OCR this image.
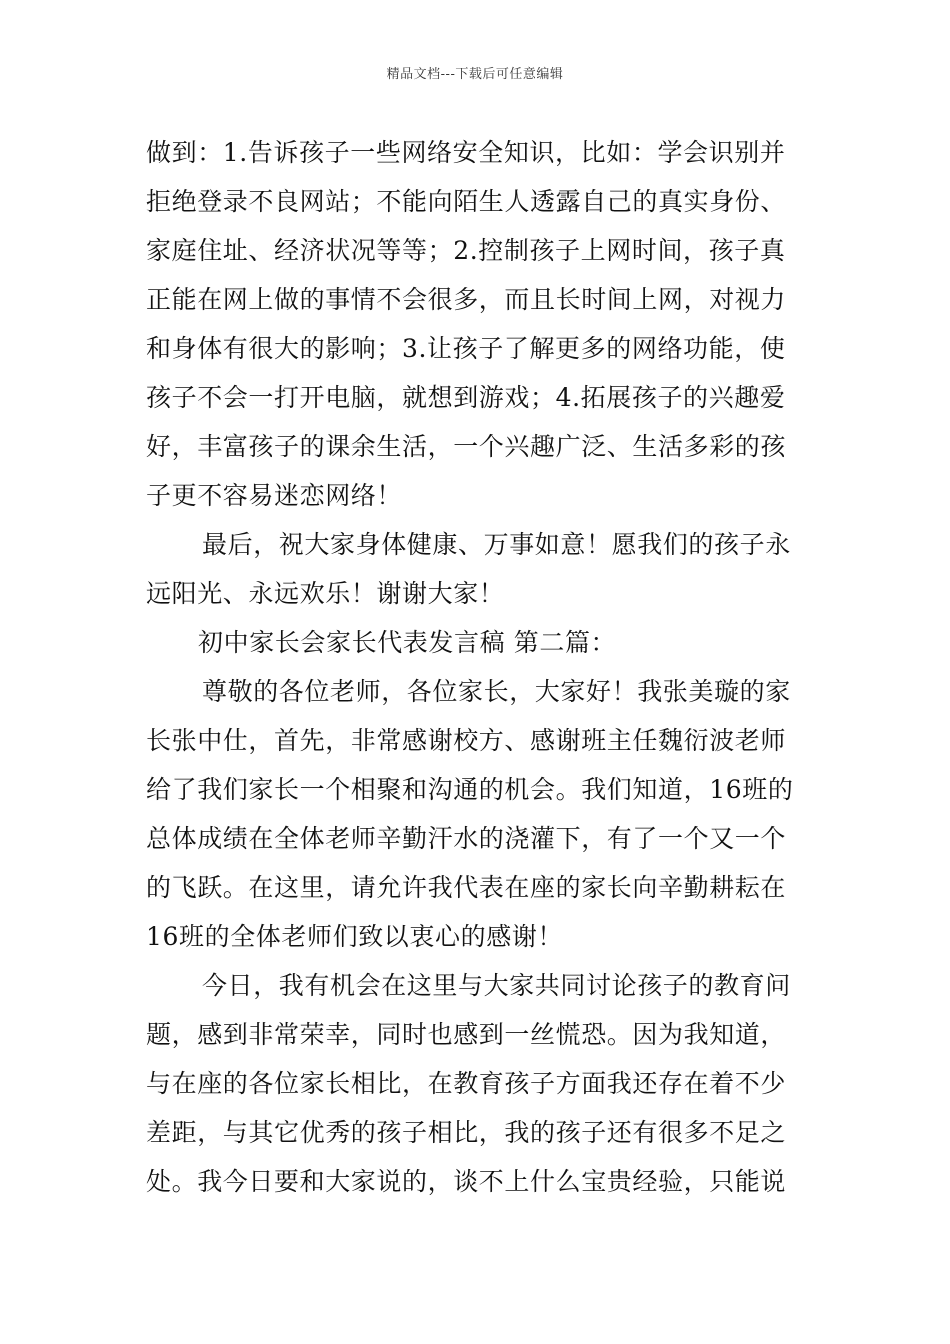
精品文档---下载后可任意编辑
做到：1.告诉孩子一些网络安全知识，比如：学会识别并
拒绝登录不良网站；不能向陌生人透露自己的真实身份、
家庭住址、经济状况等等；2.控制孩子上网时间，孩子真
正能在网上做的事情不会很多，而且长时间上网，对视力
和身体有很大的影响；3.让孩子了解更多的网络功能，使
孩子不会一打开电脑，就想到游戏；4.拓展孩子的兴趣爱
好，丰富孩子的课余生活，一个兴趣广泛、生活多彩的孩
子更不容易迷恋网络！
最后，祝大家身体健康、万事如意！愿我们的孩子永
远阳光、永远欢乐！谢谢大家！
初中家长会家长代表发言稿 第二篇：
尊敬的各位老师，各位家长，大家好！我张美璇的家
长张中仕，首先，非常感谢校方、感谢班主任魏衍波老师
给了我们家长一个相聚和沟通的机会。我们知道，16班的
总体成绩在全体老师辛勤汗水的浇灌下，有了一个又一个
的飞跃。在这里，请允许我代表在座的家长向辛勤耕耘在
16班的全体老师们致以衷心的感谢！
今日，我有机会在这里与大家共同讨论孩子的教育问
题，感到非常荣幸，同时也感到一丝慌恐。因为我知道，
与在座的各位家长相比，在教育孩子方面我还存在着不少
差距，与其它优秀的孩子相比，我的孩子还有很多不足之
处。我今日要和大家说的，谈不上什么宝贵经验，只能说
